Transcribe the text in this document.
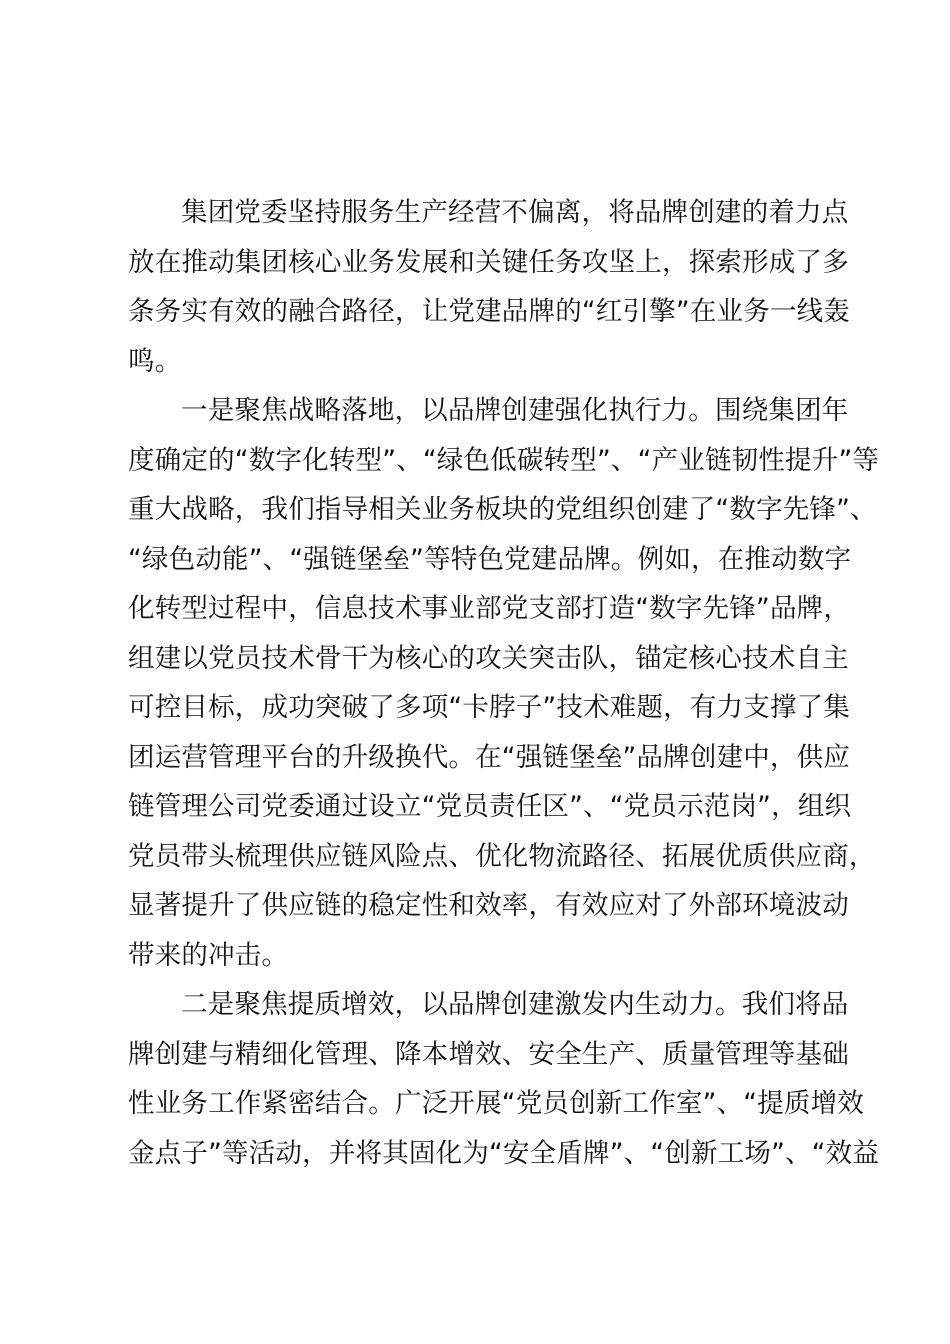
集团党委坚持服务生产经营不偏离，将品牌创建的着力点
放在推动集团核心业务发展和关键任务攻坚上，探索形成了多
条务实有效的融合路径，让党建品牌的“红引擎”在业务一线轰
鸣。
一是聚焦战略落地，以品牌创建强化执行力。围绕集团年
度确定的“数字化转型”、“绿色低碳转型”、“产业链韧性提升”等
重大战略，我们指导相关业务板块的党组织创建了“数字先锋”、
“绿色动能”、“强链堡垒”等特色党建品牌。例如，在推动数字
化转型过程中，信息技术事业部党支部打造“数字先锋”品牌，
组建以党员技术骨干为核心的攻关突击队，锚定核心技术自主
可控目标，成功突破了多项“卡脖子”技术难题，有力支撑了集
团运营管理平台的升级换代。在“强链堡垒”品牌创建中，供应
链管理公司党委通过设立“党员责任区”、“党员示范岗”，组织
党员带头梳理供应链风险点、优化物流路径、拓展优质供应商，
显著提升了供应链的稳定性和效率，有效应对了外部环境波动
带来的冲击。
二是聚焦提质增效，以品牌创建激发内生动力。我们将品
牌创建与精细化管理、降本增效、安全生产、质量管理等基础
性业务工作紧密结合。广泛开展“党员创新工作室”、“提质增效
金点子”等活动，并将其固化为“安全盾牌”、“创新工场”、“效益
